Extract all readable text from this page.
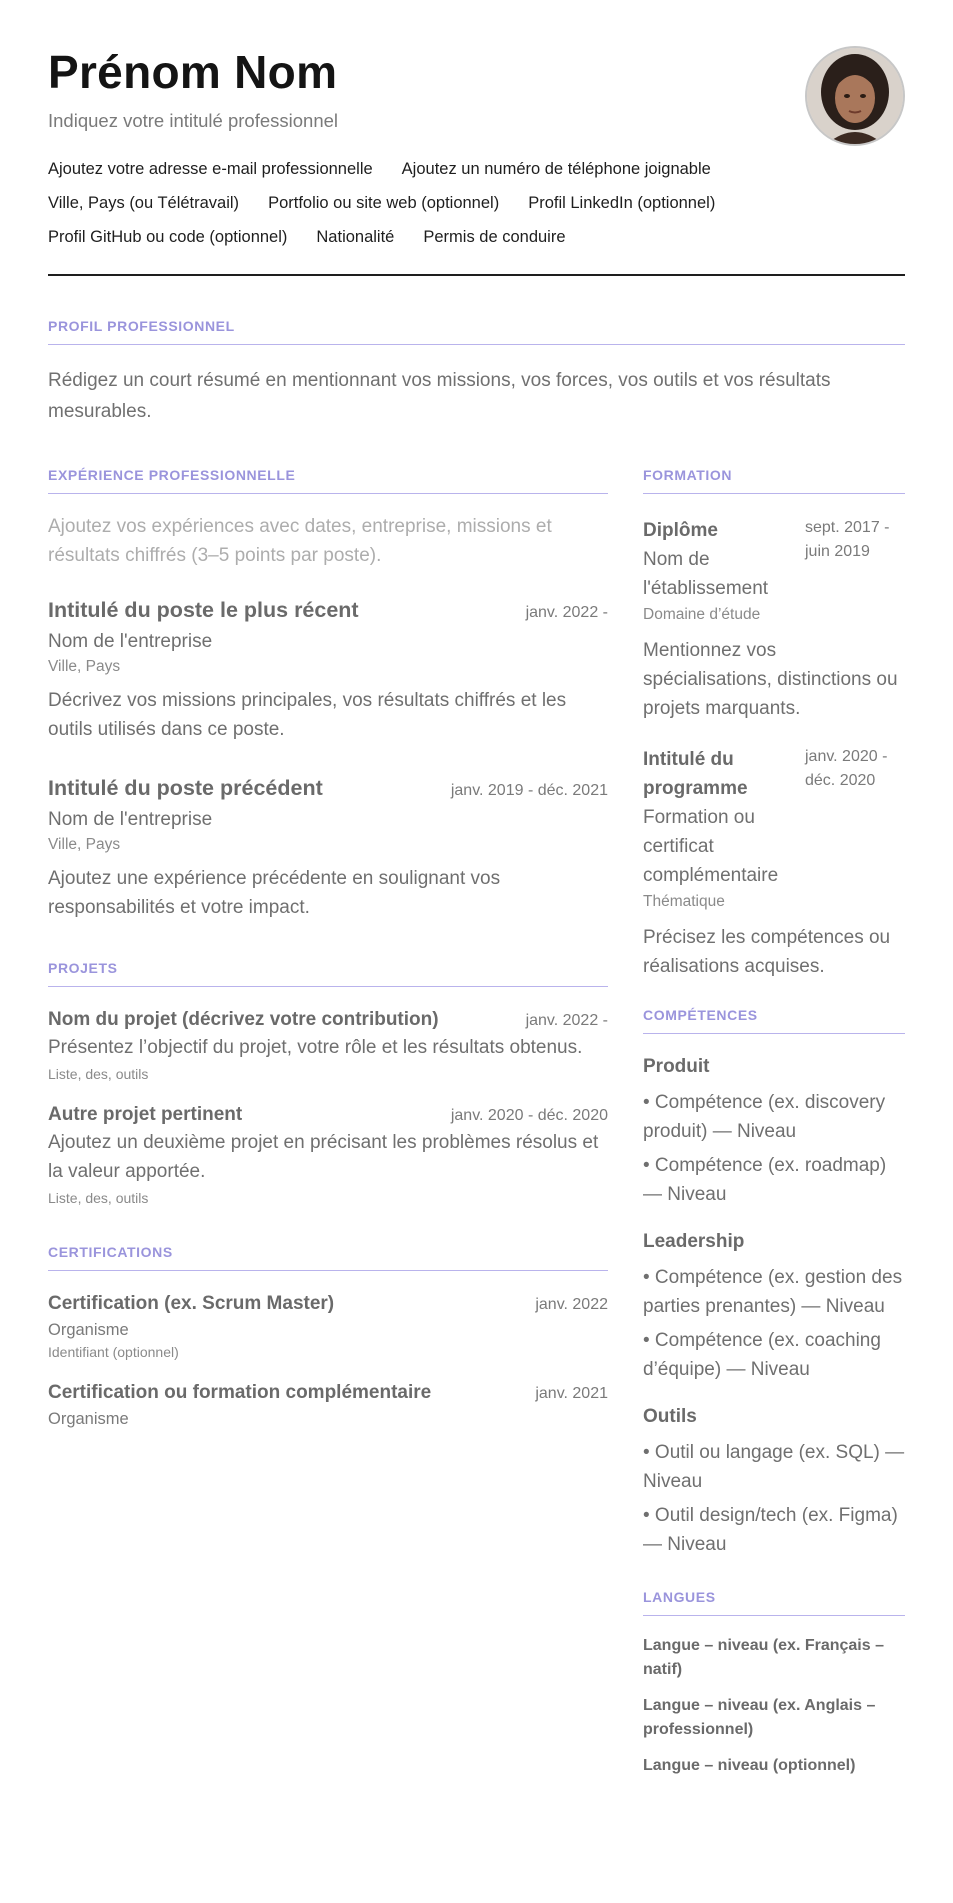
Prénom Nom
Indiquez votre intitulé professionnel
Ajoutez votre adresse e-mail professionnelle Ajoutez un numéro de téléphone joignable
Ville, Pays (ou Télétravail) Portfolio ou site web (optionnel) Profil LinkedIn (optionnel)
Profil GitHub ou code (optionnel) Nationalité Permis de conduire
PROFIL PROFESSIONNEL
Rédigez un court résumé en mentionnant vos missions, vos forces, vos outils et vos résultats mesurables.
EXPÉRIENCE PROFESSIONNELLE
Ajoutez vos expériences avec dates, entreprise, missions et résultats chiffrés (3–5 points par poste).
Intitulé du poste le plus récent	janv. 2022 -
Nom de l'entreprise
Ville, Pays
Décrivez vos missions principales, vos résultats chiffrés et les outils utilisés dans ce poste.
Intitulé du poste précédent	janv. 2019 - déc. 2021
Nom de l'entreprise
Ville, Pays
Ajoutez une expérience précédente en soulignant vos responsabilités et votre impact.
PROJETS
Nom du projet (décrivez votre contribution)	janv. 2022 -
Présentez l’objectif du projet, votre rôle et les résultats obtenus.
Liste, des, outils
Autre projet pertinent	janv. 2020 - déc. 2020
Ajoutez un deuxième projet en précisant les problèmes résolus et la valeur apportée.
Liste, des, outils
CERTIFICATIONS
Certification (ex. Scrum Master)	janv. 2022
Organisme
Identifiant (optionnel)
Certification ou formation complémentaire	janv. 2021
Organisme
FORMATION
Diplôme
Nom de l'établissement
sept. 2017 - juin 2019
Domaine d’étude
Mentionnez vos spécialisations, distinctions ou projets marquants.
Intitulé du programme
Formation ou certificat complémentaire
janv. 2020 - déc. 2020
Thématique
Précisez les compétences ou réalisations acquises.
COMPÉTENCES
Produit
• Compétence (ex. discovery produit) — Niveau
• Compétence (ex. roadmap) — Niveau
Leadership
• Compétence (ex. gestion des parties prenantes) — Niveau
• Compétence (ex. coaching d’équipe) — Niveau
Outils
• Outil ou langage (ex. SQL) — Niveau
• Outil design/tech (ex. Figma) — Niveau
LANGUES
Langue – niveau (ex. Français – natif)
Langue – niveau (ex. Anglais – professionnel)
Langue – niveau (optionnel)
